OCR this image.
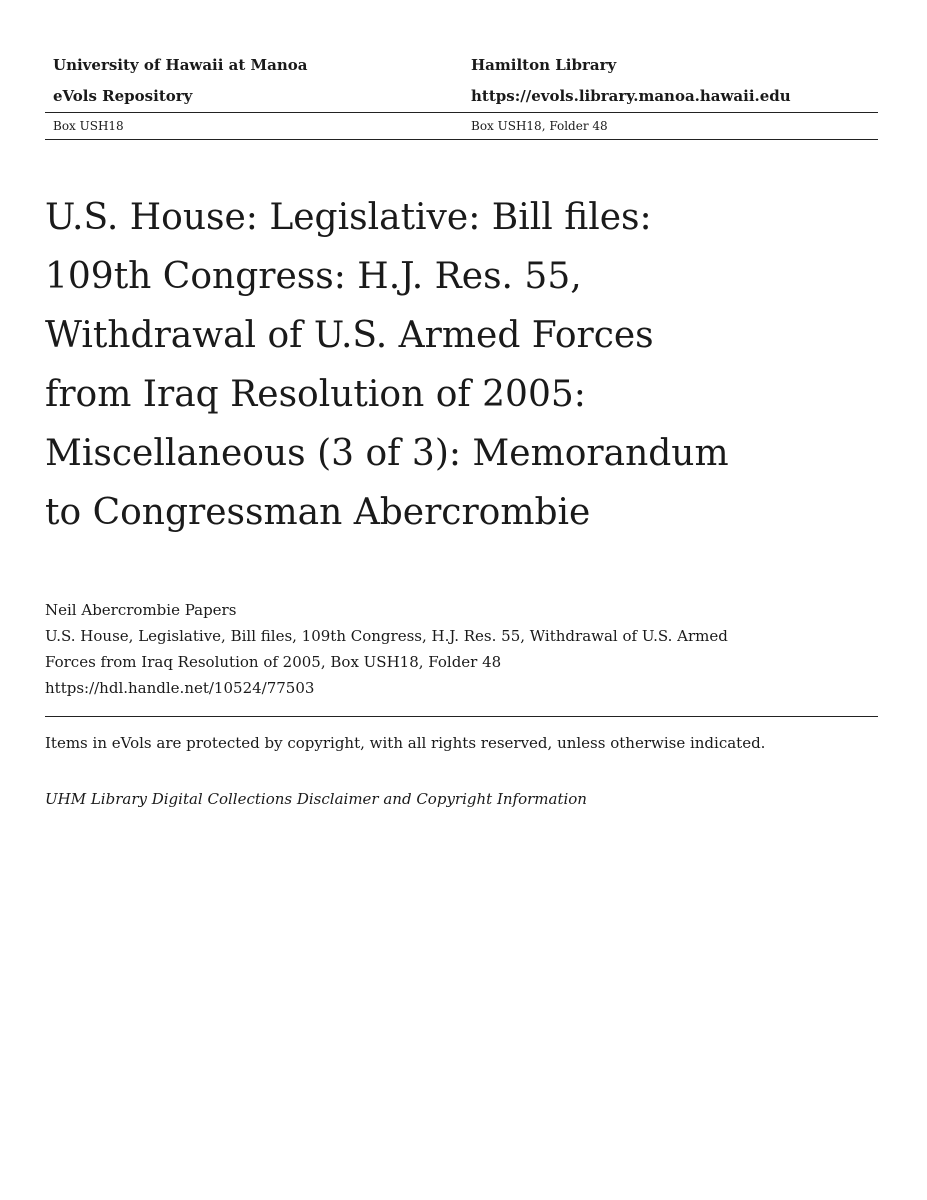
University of Hawaii at Manoa	Hamilton Library
eVols Repository	https://evols.library.manoa.hawaii.edu
Box USH18	Box USH18, Folder 48
U.S. House: Legislative: Bill files:
109th Congress: H.J. Res. 55,
Withdrawal of U.S. Armed Forces
from Iraq Resolution of 2005:
Miscellaneous (3 of 3): Memorandum
to Congressman Abercrombie
Neil Abercrombie Papers
U.S. House, Legislative, Bill files, 109th Congress, H.J. Res. 55, Withdrawal of U.S. Armed
Forces from Iraq Resolution of 2005, Box USH18, Folder 48
https://hdl.handle.net/10524/77503
Items in eVols are protected by copyright, with all rights reserved, unless otherwise indicated.
UHM Library Digital Collections Disclaimer and Copyright Information
